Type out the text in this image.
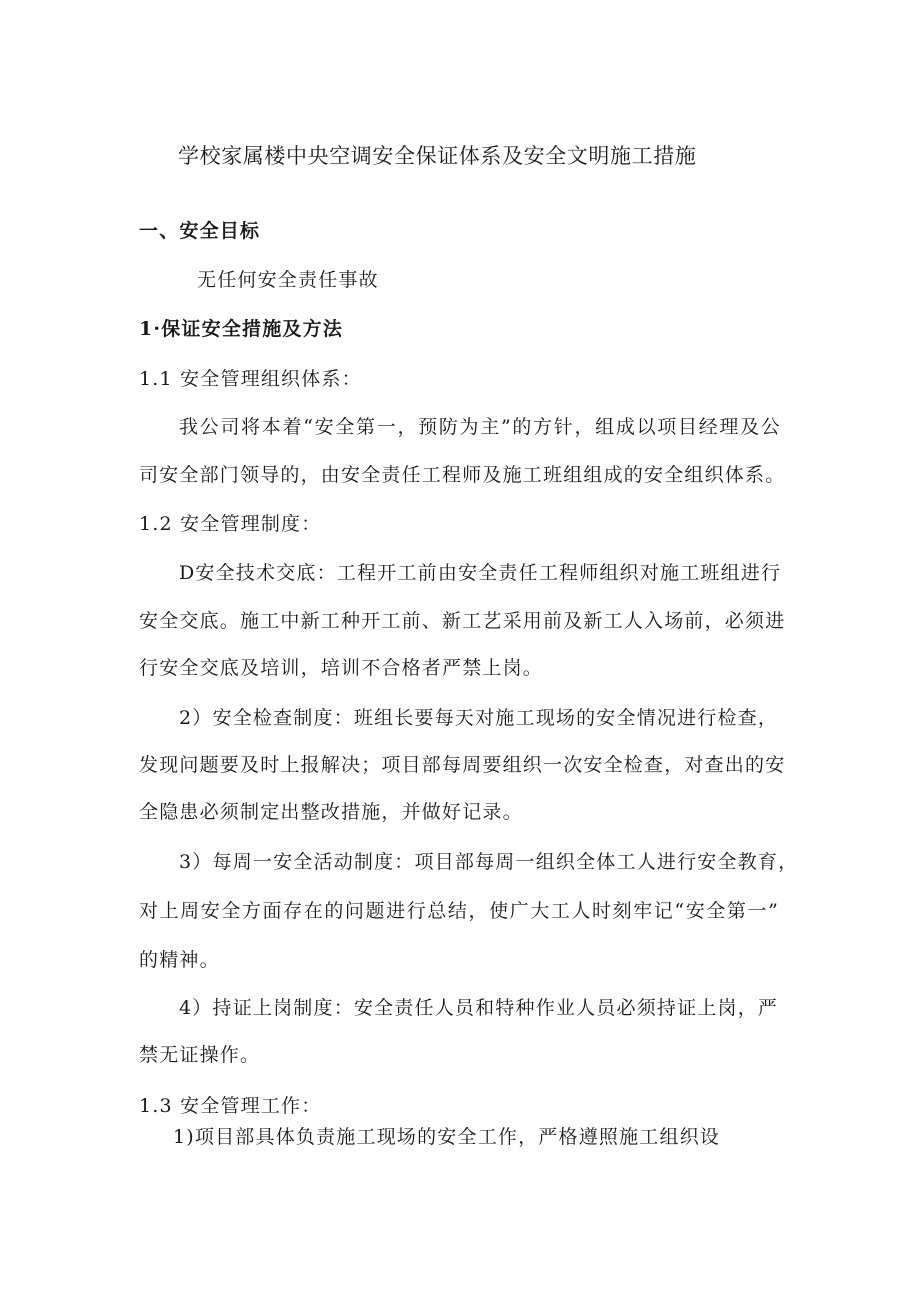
学校家属楼中央空调安全保证体系及安全文明施工措施
一、安全目标
无任何安全责任事故
1·保证安全措施及方法
1.1 安全管理组织体系：
我公司将本着“安全第一，预防为主”的方针，组成以项目经理及公
司安全部门领导的，由安全责任工程师及施工班组组成的安全组织体系。
1.2 安全管理制度：
D安全技术交底：工程开工前由安全责任工程师组织对施工班组进行
安全交底。施工中新工种开工前、新工艺采用前及新工人入场前，必须进
行安全交底及培训，培训不合格者严禁上岗。
2）安全检查制度：班组长要每天对施工现场的安全情况进行检查，
发现问题要及时上报解决；项目部每周要组织一次安全检查，对查出的安
全隐患必须制定出整改措施，并做好记录。
3）每周一安全活动制度：项目部每周一组织全体工人进行安全教育，
对上周安全方面存在的问题进行总结，使广大工人时刻牢记“安全第一”
的精神。
4）持证上岗制度：安全责任人员和特种作业人员必须持证上岗，严
禁无证操作。
1.3 安全管理工作：
1)项目部具体负责施工现场的安全工作，严格遵照施工组织设
